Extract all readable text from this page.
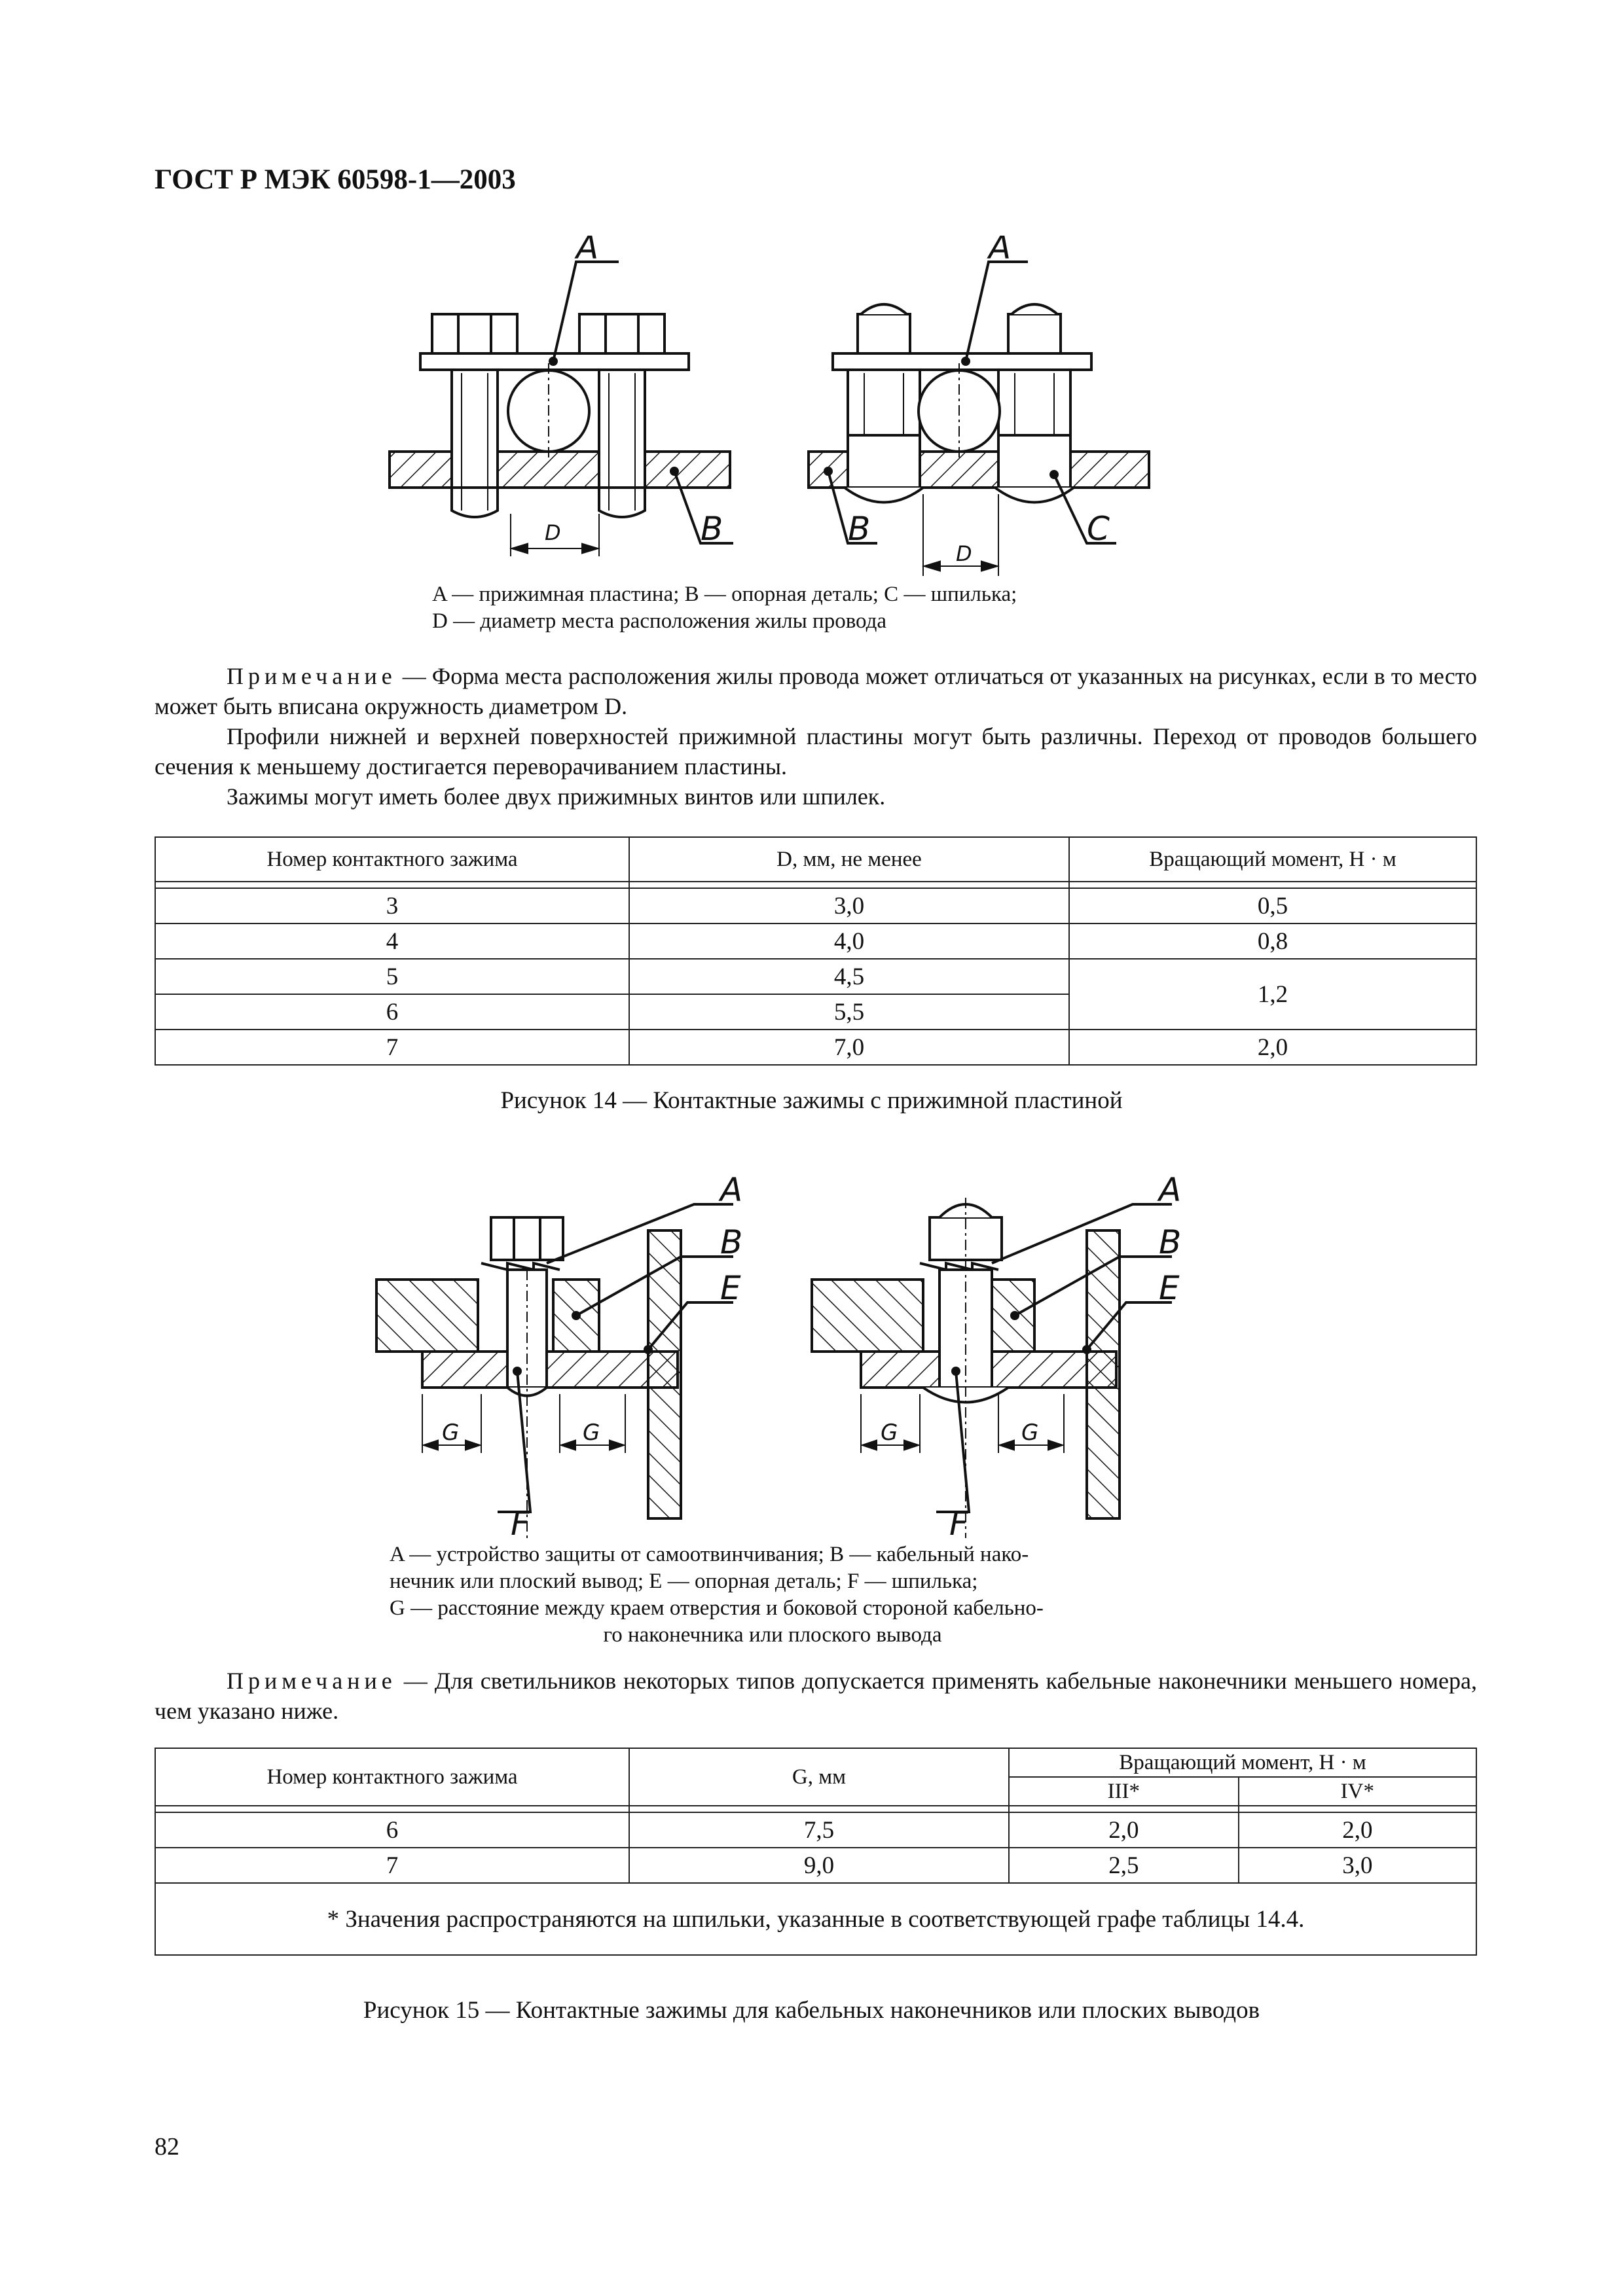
ГОСТ Р МЭК 60598-1—2003
A
B
D
A
B	C
D
A — прижимная пластина; B — опорная деталь; C — шпилька;
D — диаметр места расположения жилы провода

Примечание — Форма места расположения жилы провода может отличаться от указанных на рисунках, если в то место может быть вписана окружность диаметром D.

Профили нижней и верхней поверхностей прижимной пластины могут быть различны. Переход от проводов большего сечения к меньшему достигается переворачиванием пластины.

Зажимы могут иметь более двух прижимных винтов или шпилек.

Номер контактного зажима	D, мм, не менее	Вращающий момент, Н · м

3	3,0	0,5
4	4,0	0,8
5	4,5	1,2
6	5,5	
7	7,0	2,0
Рисунок 14 — Контактные зажимы с прижимной пластиной
A
B
E
F
G	G
A
B
E
F
G	G
A — устройство защиты от самоотвинчивания; B — кабельный нако-
нечник или плоский вывод; E — опорная деталь; F — шпилька;
G — расстояние между краем отверстия и боковой стороной кабельно-
го наконечника или плоского вывода

Примечание — Для светильников некоторых типов допускается применять кабельные наконечники меньшего номера, чем указано ниже.

Номер контактного зажима	G, мм	Вращающий момент, Н · м	
		III*	IV*

6	7,5	2,0	2,0
7	9,0	2,5	3,0
* Значения распространяются на шпильки, указанные в соответствующей графе таблицы 14.4.			
Рисунок 15 — Контактные зажимы для кабельных наконечников или плоских выводов
82
